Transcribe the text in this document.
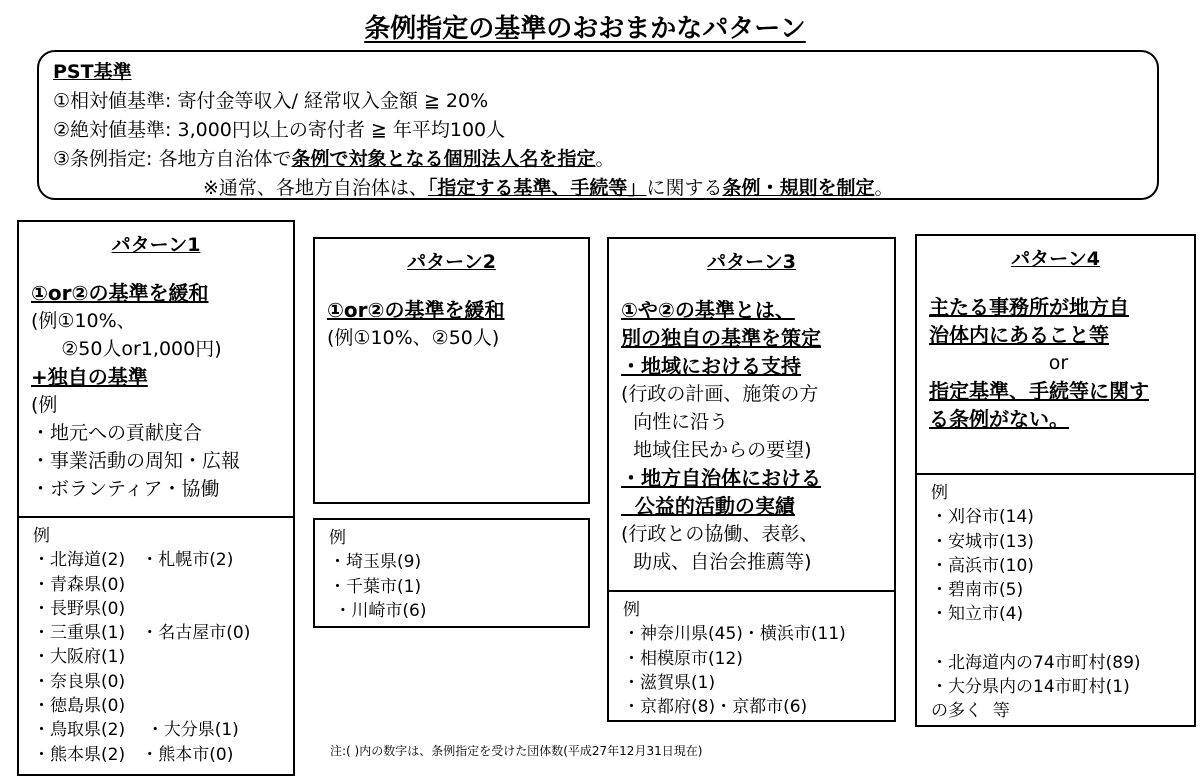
条例指定の基準のおおまかなパターン
PST基準
①相対値基準: 寄付金等収入/ 経常収入金額 ≧ 20%
②絶対値基準: 3,000円以上の寄付者 ≧ 年平均100人
③条例指定: 各地方自治体で条例で対象となる個別法人名を指定。
※通常、各地方自治体は、「指定する基準、手続等」に関する条例・規則を制定。
パターン1
①or②の基準を緩和
(例①10%、
②50人or1,000円)
+独自の基準
(例
・地元への貢献度合
・事業活動の周知・広報
・ボランティア・協働
例
・北海道(2)   ・札幌市(2)
・青森県(0)
・長野県(0)
・三重県(1)   ・名古屋市(0)
・大阪府(1)
・奈良県(0)
・徳島県(0)
・鳥取県(2)    ・大分県(1)
・熊本県(2)   ・熊本市(0)
パターン2
①or②の基準を緩和
(例①10%、②50人)
例
・埼玉県(9)
・千葉市(1)
・川崎市(6)
パターン3
①や②の基準とは、
別の独自の基準を策定
・地域における支持
(行政の計画、施策の方
向性に沿う
地域住民からの要望)
・地方自治体における
公益的活動の実績
(行政との協働、表彰、
助成、自治会推薦等)
例
・神奈川県(45)・横浜市(11)
・相模原市(12)
・滋賀県(1)
・京都府(8)・京都市(6)
パターン4
主たる事務所が地方自
治体内にあること等
or
指定基準、手続等に関す
る条例がない。
例
・刈谷市(14)
・安城市(13)
・高浜市(10)
・碧南市(5)
・知立市(4)
・北海道内の74市町村(89)
・大分県内の14市町村(1)
の多く  等
注:( )内の数字は、条例指定を受けた団体数(平成27年12月31日現在)
